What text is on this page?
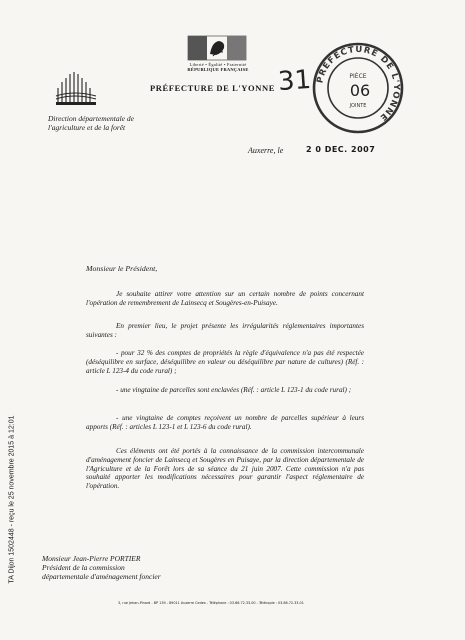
Liberté • Égalité • Fraternité
RÉPUBLIQUE FRANÇAISE
PRÉFECTURE DE L'YONNE 31 PRÉFECTURE DE L'YONNE
PIÈCE
06
JOINTE
Direction départementale de l'agriculture et de la forêt
Auxerre, le	2 0 DEC. 2007
Monsieur le Président,

Je souhaite attirer votre attention sur un certain nombre de points concernant l'opération de remembrement de Lainsecq et Sougères-en-Puisaye.

En premier lieu, le projet présente les irrégularités réglementaires importantes suivantes :

- pour 32 % des comptes de propriétés la règle d'équivalence n'a pas été respectée (déséquilibre en surface, déséquilibre en valeur ou déséquilibre par nature de cultures) (Réf. : article L 123-4 du code rural) ;

- une vingtaine de parcelles sont enclavées (Réf. : article L 123-1 du code rural) ;

- une vingtaine de comptes reçoivent un nombre de parcelles supérieur à leurs apports (Réf. : articles L 123-1 et L 123-6 du code rural).

Ces éléments ont été portés à la connaissance de la commission intercommunale d'aménagement foncier de Lainsecq et Sougères en Puisaye, par la direction départementale de l'Agriculture et de la Forêt lors de sa séance du 21 juin 2007. Cette commission n'a pas souhaité apporter les modifications nécessaires pour garantir l'aspect réglementaire de l'opération.

Monsieur Jean-Pierre PORTIER
Président de la commission
départementale d'aménagement foncier
3, rue Jehan-Pinard - BP 139 - 89011 Auxerre Cedex - Téléphone : 03.86.72.33.00 - Télécopie : 03.86.72.33.01
TA Dijon 1502448 - reçu le 25 novembre 2015 à 12:01
